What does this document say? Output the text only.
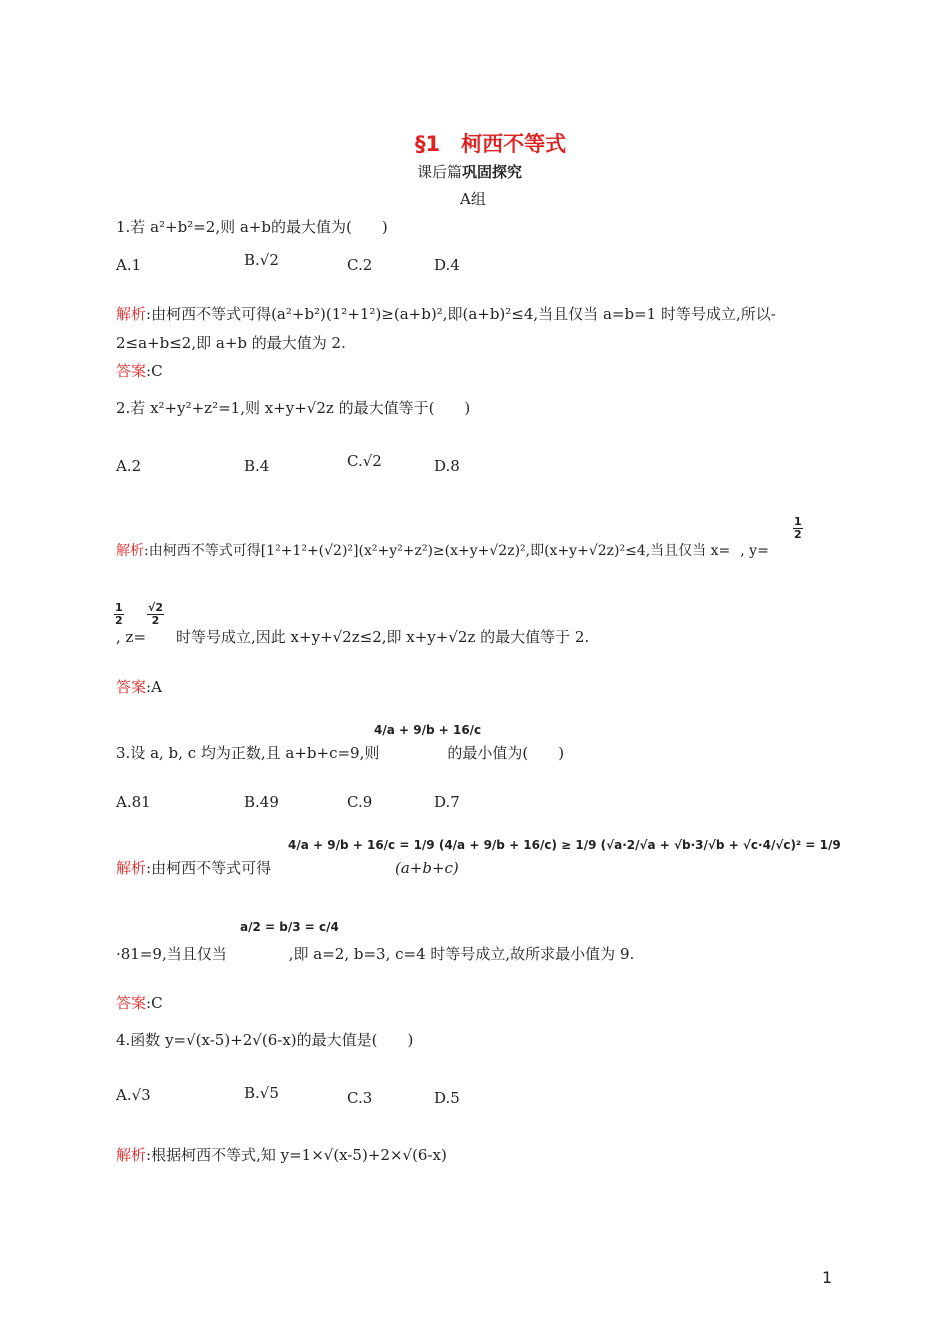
§1　柯西不等式
课后篇巩固探究
A组
1.若 a²+b²=2,则 a+b的最大值为(　　)
A.1	B.√2	C.2	D.4
解析:由柯西不等式可得(a²+b²)(1²+1²)≥(a+b)²,即(a+b)²≤4,当且仅当 a=b=1 时等号成立,所以-
2≤a+b≤2,即 a+b 的最大值为 2.
答案:C
2.若 x²+y²+z²=1,则 x+y+√2z 的最大值等于(　　)
A.2	B.4	C.√2	D.8
$\frac{1}{2}$
解析:由柯西不等式可得[1²+1²+(√2)²](x²+y²+z²)≥(x+y+√2z)²,即(x+y+√2z)²≤4,当且仅当 x= , y=
$\frac{1}{2} \frac{√2}{2}$
, z=　　时等号成立,因此 x+y+√2z≤2,即 x+y+√2z 的最大值等于 2.
答案:A
4/a + 9/b + 16/c
3.设 a, b, c 均为正数,且 a+b+c=9,则	的最小值为(　　)
A.81	B.49	C.9	D.7
4/a + 9/b + 16/c = 1/9 (4/a + 9/b + 16/c) ≥ 1/9 (√a·2/√a + √b·3/√b + √c·4/√c)² = 1/9
解析:由柯西不等式可得	(a+b+c)
a/2 = b/3 = c/4
·81=9,当且仅当	,即 a=2, b=3, c=4 时等号成立,故所求最小值为 9.
答案:C
4.函数 y=√(x-5)+2√(6-x)的最大值是(　　)
A.√3	B.√5	C.3	D.5
解析:根据柯西不等式,知 y=1×√(x-5)+2×√(6-x)
1
